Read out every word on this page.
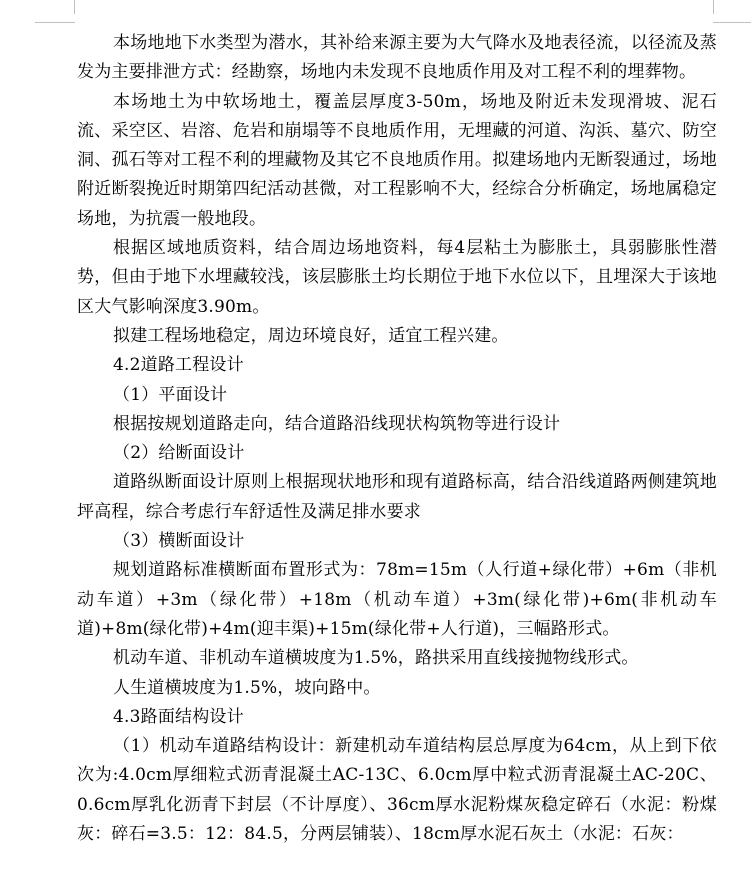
本场地地下水类型为潜水，其补给来源主要为大气降水及地表径流，以径流及蒸发为主要排泄方式：经勘察，场地内未发现不良地质作用及对工程不利的埋葬物。

本场地土为中软场地土，覆盖层厚度3-50m，场地及附近未发现滑坡、泥石流、采空区、岩溶、危岩和崩塌等不良地质作用，无埋藏的河道、沟浜、墓穴、防空洞、孤石等对工程不利的埋藏物及其它不良地质作用。拟建场地内无断裂通过，场地附近断裂挽近时期第四纪活动甚微，对工程影响不大，经综合分析确定，场地属稳定场地，为抗震一般地段。

根据区域地质资料，结合周边场地资料，每4层粘土为膨胀土，具弱膨胀性潜势，但由于地下水埋藏较浅，该层膨胀土均长期位于地下水位以下，且埋深大于该地区大气影响深度3.90m。

拟建工程场地稳定，周边环境良好，适宜工程兴建。

4.2道路工程设计

（1）平面设计

根据按规划道路走向，结合道路沿线现状构筑物等进行设计

（2）给断面设计

道路纵断面设计原则上根据现状地形和现有道路标高，结合沿线道路两侧建筑地坪高程，综合考虑行车舒适性及满足排水要求

（3）横断面设计

规划道路标准横断面布置形式为：78m=15m（人行道+绿化带）+6m（非机动车道）+3m（绿化带）+18m（机动车道）+3m(绿化带)+6m(非机动车道)+8m(绿化带)+4m(迎丰渠)+15m(绿化带+人行道)，三幅路形式。

机动车道、非机动车道横坡度为1.5%，路拱采用直线接抛物线形式。

人生道横坡度为1.5%，坡向路中。

4.3路面结构设计

（1）机动车道路结构设计：新建机动车道结构层总厚度为64cm，从上到下依次为:4.0cm厚细粒式沥青混凝土AC-13C、6.0cm厚中粒式沥青混凝土AC-20C、0.6cm厚乳化沥青下封层（不计厚度）、36cm厚水泥粉煤灰稳定碎石（水泥：粉煤灰：碎石=3.5：12：84.5，分两层铺装）、18cm厚水泥石灰土（水泥：石灰：
